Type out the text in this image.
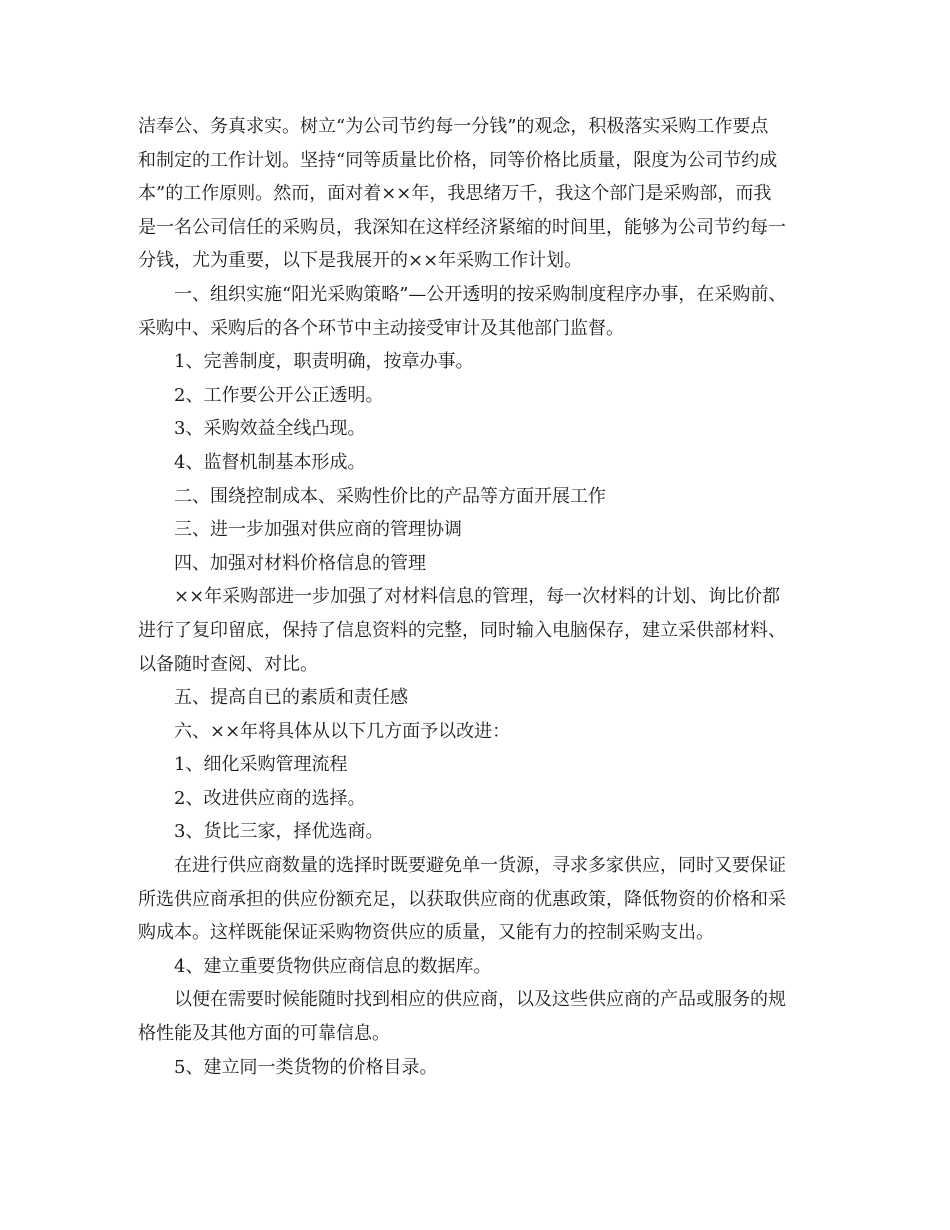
洁奉公、务真求实。树立“为公司节约每一分钱”的观念，积极落实采购工作要点
和制定的工作计划。坚持“同等质量比价格，同等价格比质量，限度为公司节约成
本”的工作原则。然而，面对着××年，我思绪万千，我这个部门是采购部，而我
是一名公司信任的采购员，我深知在这样经济紧缩的时间里，能够为公司节约每一
分钱，尤为重要，以下是我展开的××年采购工作计划。
一、组织实施“阳光采购策略”—公开透明的按采购制度程序办事，在采购前、
采购中、采购后的各个环节中主动接受审计及其他部门监督。
1、完善制度，职责明确，按章办事。
2、工作要公开公正透明。
3、采购效益全线凸现。
4、监督机制基本形成。
二、围绕控制成本、采购性价比的产品等方面开展工作
三、进一步加强对供应商的管理协调
四、加强对材料价格信息的管理
××年采购部进一步加强了对材料信息的管理，每一次材料的计划、询比价都
进行了复印留底，保持了信息资料的完整，同时输入电脑保存，建立采供部材料、
以备随时查阅、对比。
五、提高自已的素质和责任感
六、××年将具体从以下几方面予以改进：
1、细化采购管理流程
2、改进供应商的选择。
3、货比三家，择优选商。
在进行供应商数量的选择时既要避免单一货源，寻求多家供应，同时又要保证
所选供应商承担的供应份额充足，以获取供应商的优惠政策，降低物资的价格和采
购成本。这样既能保证采购物资供应的质量，又能有力的控制采购支出。
4、建立重要货物供应商信息的数据库。
以便在需要时候能随时找到相应的供应商，以及这些供应商的产品或服务的规
格性能及其他方面的可靠信息。
5、建立同一类货物的价格目录。
